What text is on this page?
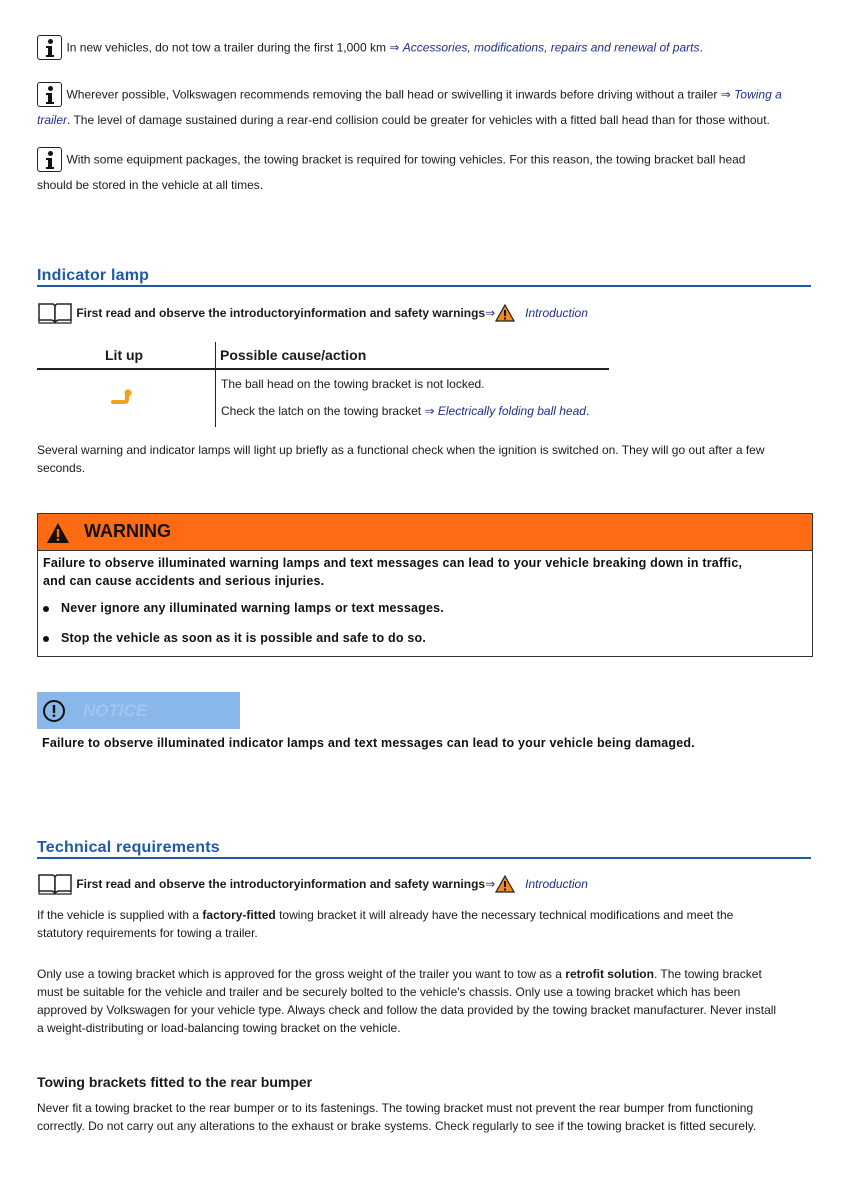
In new vehicles, do not tow a trailer during the first 1,000 km ⇒ Accessories, modifications, repairs and renewal of parts.
Wherever possible, Volkswagen recommends removing the ball head or swivelling it inwards before driving without a trailer ⇒ Towing a
trailer. The level of damage sustained during a rear-end collision could be greater for vehicles with a fitted ball head than for those without.
With some equipment packages, the towing bracket is required for towing vehicles. For this reason, the towing bracket ball head
should be stored in the vehicle at all times.
Indicator lamp
First read and observe the introductoryinformation and safety warnings⇒	Introduction
Lit up	Possible cause/action
The ball head on the towing bracket is not locked.
Check the latch on the towing bracket ⇒ Electrically folding ball head.
Several warning and indicator lamps will light up briefly as a functional check when the ignition is switched on. They will go out after a few
seconds.
WARNING
Failure to observe illuminated warning lamps and text messages can lead to your vehicle breaking down in traffic,
and can cause accidents and serious injuries.
Never ignore any illuminated warning lamps or text messages.
Stop the vehicle as soon as it is possible and safe to do so.
NOTICE
Failure to observe illuminated indicator lamps and text messages can lead to your vehicle being damaged.
Technical requirements
First read and observe the introductoryinformation and safety warnings⇒	Introduction
If the vehicle is supplied with a factory-fitted towing bracket it will already have the necessary technical modifications and meet the
statutory requirements for towing a trailer.
Only use a towing bracket which is approved for the gross weight of the trailer you want to tow as a retrofit solution. The towing bracket
must be suitable for the vehicle and trailer and be securely bolted to the vehicle's chassis. Only use a towing bracket which has been
approved by Volkswagen for your vehicle type. Always check and follow the data provided by the towing bracket manufacturer. Never install
a weight-distributing or load-balancing towing bracket on the vehicle.
Towing brackets fitted to the rear bumper
Never fit a towing bracket to the rear bumper or to its fastenings. The towing bracket must not prevent the rear bumper from functioning
correctly. Do not carry out any alterations to the exhaust or brake systems. Check regularly to see if the towing bracket is fitted securely.
